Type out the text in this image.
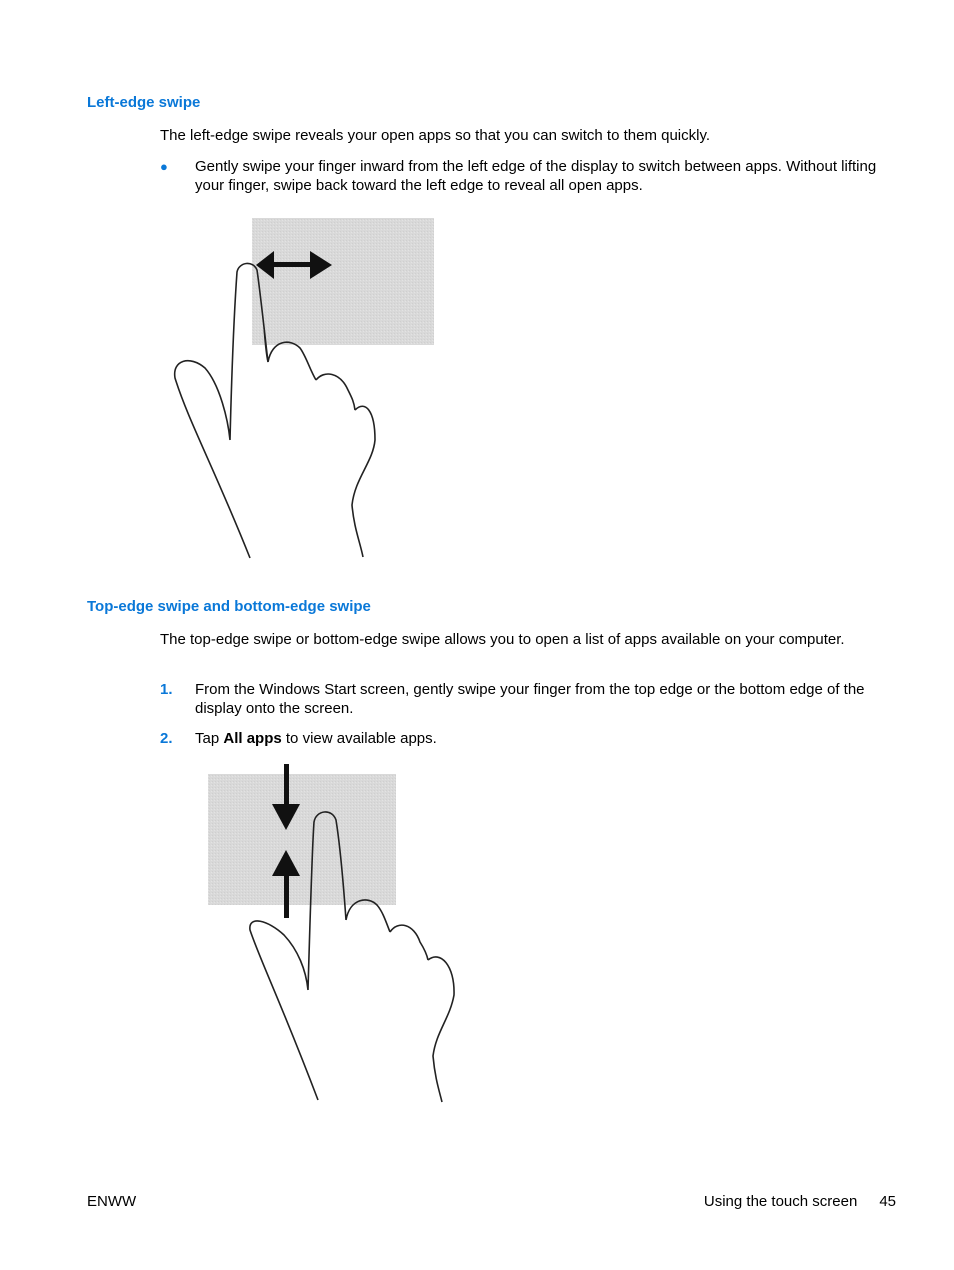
Left-edge swipe

The left-edge swipe reveals your open apps so that you can switch to them quickly.

●	Gently swipe your finger inward from the left edge of the display to switch between apps. Without lifting your finger, swipe back toward the left edge to reveal all open apps.
Top-edge swipe and bottom-edge swipe

The top-edge swipe or bottom-edge swipe allows you to open a list of apps available on your computer.

1.	From the Windows Start screen, gently swipe your finger from the top edge or the bottom edge of the display onto the screen.
2.	Tap All apps to view available apps.
ENWW	Using the touch screen 45
